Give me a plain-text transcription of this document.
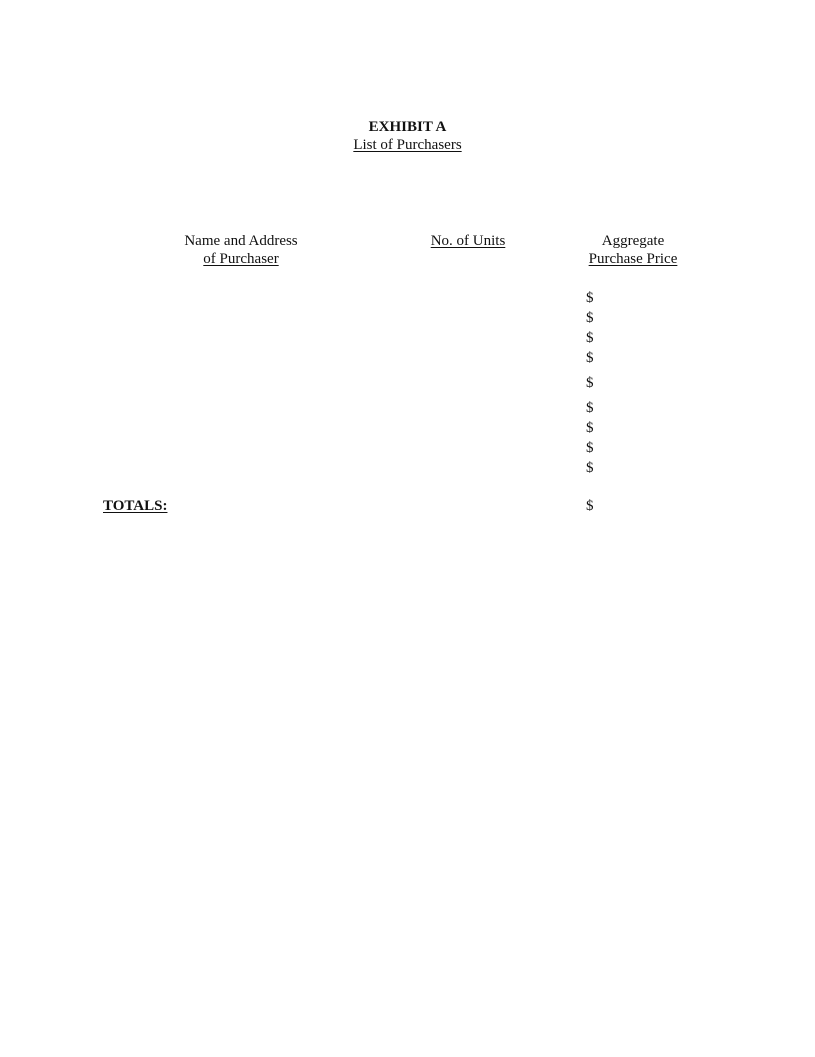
EXHIBIT A
List of Purchasers
Name and Address
of Purchaser
No. of Units	Aggregate
Purchase Price
$
$
$
$
$
$
$
$
$
TOTALS:	$
